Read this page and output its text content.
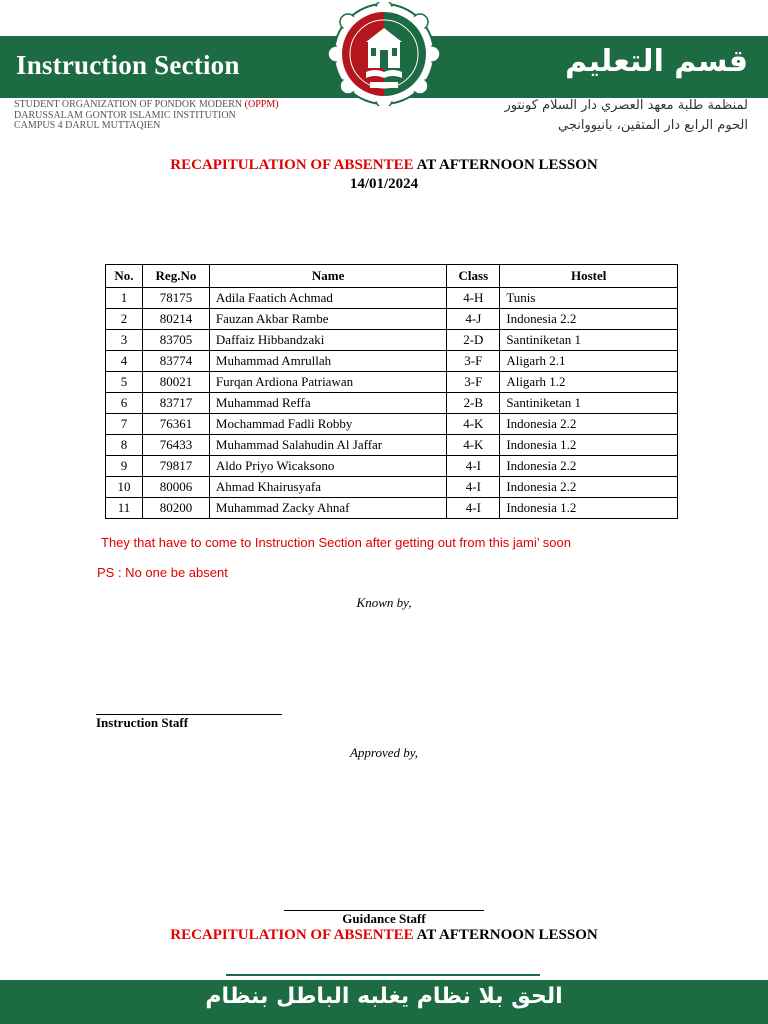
Instruction Section	قسم التعليم
STUDENT ORGANIZATION OF PONDOK MODERN (OPPM)
DARUSSALAM GONTOR ISLAMIC INSTITUTION
CAMPUS 4 DARUL MUTTAQIEN
لمنظمة طلبة معهد العصري دار السلام كونتور
الحوم الرابع دار المتقين، بانيووانجي
RECAPITULATION OF ABSENTEE AT AFTERNOON LESSON
14/01/2024
No.	Reg.No	Name	Class	Hostel
1	78175	Adila Faatich Achmad	4-H	Tunis
2	80214	Fauzan Akbar Rambe	4-J	Indonesia 2.2
3	83705	Daffaiz Hibbandzaki	2-D	Santiniketan 1
4	83774	Muhammad Amrullah	3-F	Aligarh 2.1
5	80021	Furqan Ardiona Patriawan	3-F	Aligarh 1.2
6	83717	Muhammad Reffa	2-B	Santiniketan 1
7	76361	Mochammad Fadli Robby	4-K	Indonesia 2.2
8	76433	Muhammad Salahudin Al Jaffar	4-K	Indonesia 1.2
9	79817	Aldo Priyo Wicaksono	4-I	Indonesia 2.2
10	80006	Ahmad Khairusyafa	4-I	Indonesia 2.2
11	80200	Muhammad Zacky Ahnaf	4-I	Indonesia 1.2
They that have to come to Instruction Section after getting out from this jami’ soon
PS : No one be absent
Known by,
Instruction Staff
Approved by,
Guidance Staff
RECAPITULATION OF ABSENTEE AT AFTERNOON LESSON
الحق بلا نظام يغلبه الباطل بنظام
